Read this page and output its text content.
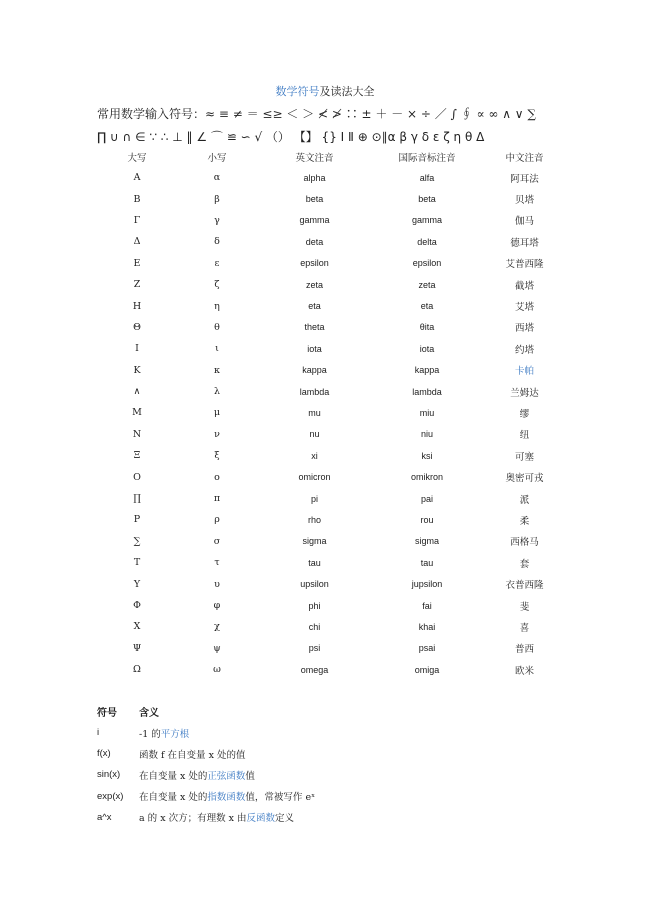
数学符号及读法大全
常用数学输入符号：≈ ≡ ≠ ＝ ≤≥ ＜ ＞ ≮ ≯ ∷ ± ＋ － × ÷ ／ ∫ ∮ ∝ ∞ ∧ ∨ ∑
∏ ∪ ∩ ∈ ∵ ∴ ⊥ ‖ ∠ ⌒ ≌ ∽ √ （） 【】 {} Ⅰ Ⅱ ⊕ ⊙∥α β γ δ ε ζ η θ Δ
大写	小写	英文注音	国际音标注音	中文注音
Α	α	alpha	alfa	阿耳法
Β	β	beta	beta	贝塔
Γ	γ	gamma	gamma	伽马
Δ	δ	deta	delta	德耳塔
Ε	ε	epsilon	epsilon	艾普西隆
Ζ	ζ	zeta	zeta	截塔
Η	η	eta	eta	艾塔
Θ	θ	theta	θita	西塔
Ι	ι	iota	iota	约塔
Κ	κ	kappa	kappa	卡帕
∧	λ	lambda	lambda	兰姆达
Μ	μ	mu	miu	缪
Ν	ν	nu	niu	纽
Ξ	ξ	xi	ksi	可塞
Ο	ο	omicron	omikron	奥密可戎
∏	π	pi	pai	派
Ρ	ρ	rho	rou	柔
∑	σ	sigma	sigma	西格马
Τ	τ	tau	tau	套
Υ	υ	upsilon	jupsilon	衣普西隆
Φ	φ	phi	fai	斐
Χ	χ	chi	khai	喜
Ψ	ψ	psi	psai	普西
Ω	ω	omega	omiga	欧米
符号	含义
i	-1 的平方根
f(x)	函数 f 在自变量 x 处的值
sin(x)	在自变量 x 处的正弦函数值
exp(x)	在自变量 x 处的指数函数值，常被写作 eˣ
a^x	a 的 x 次方；有理数 x 由反函数定义
